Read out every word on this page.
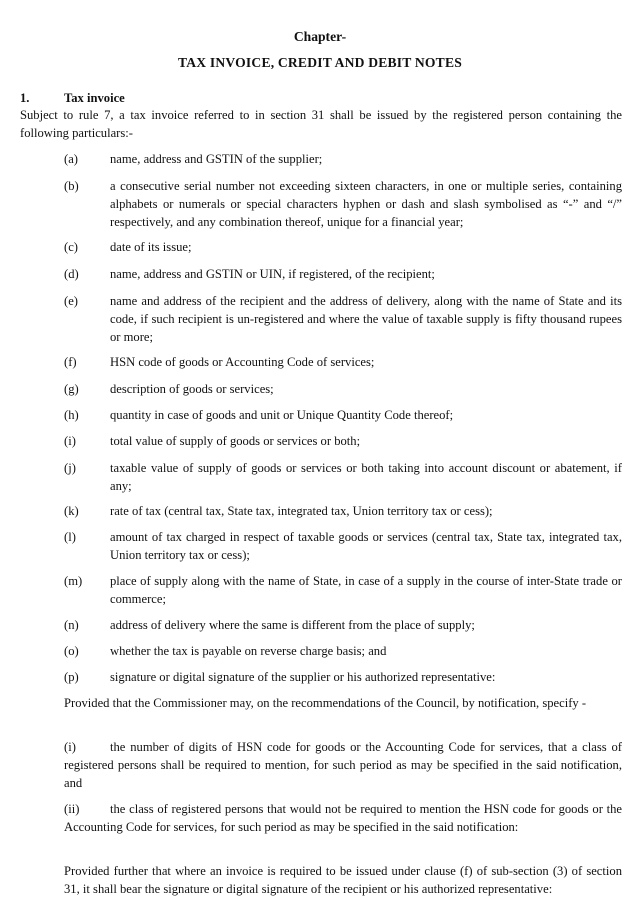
Chapter-
TAX INVOICE, CREDIT AND DEBIT NOTES
1.	Tax invoice
Subject to rule 7, a tax invoice referred to in section 31 shall be issued by the registered person containing the following particulars:-
(a)	name, address and GSTIN of the supplier;
(b)	a consecutive serial number not exceeding sixteen characters, in one or multiple series, containing alphabets or numerals or special characters hyphen or dash and slash symbolised as “-” and “/” respectively, and any combination thereof, unique for a financial year;
(c)	date of its issue;
(d)	name, address and GSTIN or UIN, if registered, of the recipient;
(e)	name and address of the recipient and the address of delivery, along with the name of State and its code, if such recipient is un-registered and where the value of taxable supply is fifty thousand rupees or more;
(f)	HSN code of goods or Accounting Code of services;
(g)	description of goods or services;
(h)	quantity in case of goods and unit or Unique Quantity Code thereof;
(i)	total value of supply of goods or services or both;
(j)	taxable value of supply of goods or services or both taking into account discount or abatement, if any;
(k)	rate of tax (central tax, State tax, integrated tax, Union territory tax or cess);
(l)	amount of tax charged in respect of taxable goods or services (central tax, State tax, integrated tax, Union territory tax or cess);
(m)	place of supply along with the name of State, in case of a supply in the course of inter-State trade or commerce;
(n)	address of delivery where the same is different from the place of supply;
(o)	whether the tax is payable on reverse charge basis; and
(p)	signature or digital signature of the supplier or his authorized representative:
Provided that the Commissioner may, on the recommendations of the Council, by notification, specify -
(i)	the number of digits of HSN code for goods or the Accounting Code for services, that a class of registered persons shall be required to mention, for such period as may be specified in the said notification, and
(ii) the class of registered persons that would not be required to mention the HSN code for goods or the Accounting Code for services, for such period as may be specified in the said notification:
Provided further that where an invoice is required to be issued under clause (f) of sub-section (3) of section 31, it shall bear the signature or digital signature of the recipient or his authorized representative:
